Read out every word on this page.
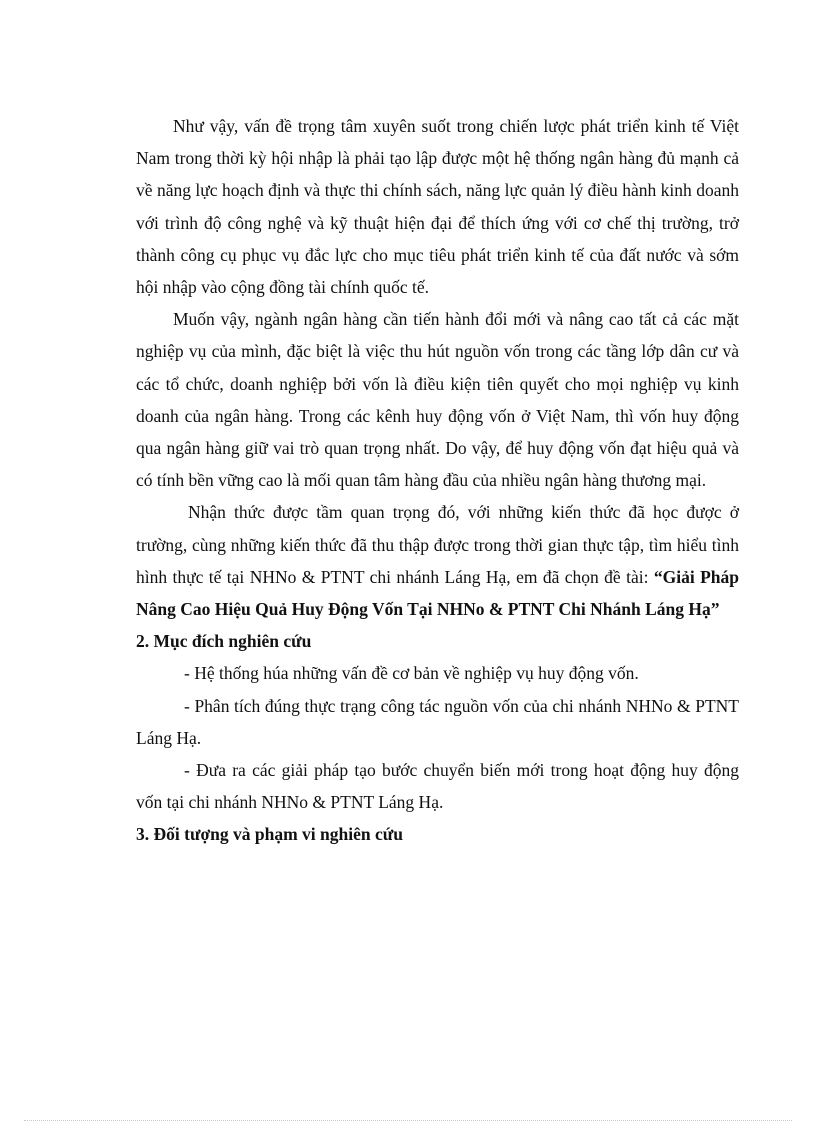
Như vậy, vấn đề trọng tâm xuyên suốt trong chiến lược phát triển kinh tế Việt Nam trong thời kỳ hội nhập là phải tạo lập được một hệ thống ngân hàng đủ mạnh cả về năng lực hoạch định và thực thi chính sách, năng lực quản lý điều hành kinh doanh với trình độ công nghệ và kỹ thuật hiện đại để thích ứng với cơ chế thị trường, trở thành công cụ phục vụ đắc lực cho mục tiêu phát triển kinh tế của đất nước và sớm hội nhập vào cộng đồng tài chính quốc tế.

Muốn vậy, ngành ngân hàng cần tiến hành đổi mới và nâng cao tất cả các mặt nghiệp vụ của mình, đặc biệt là việc thu hút nguồn vốn trong các tầng lớp dân cư và các tổ chức, doanh nghiệp bởi vốn là điều kiện tiên quyết cho mọi nghiệp vụ kinh doanh của ngân hàng. Trong các kênh huy động vốn ở Việt Nam, thì vốn huy động qua ngân hàng giữ vai trò quan trọng nhất. Do vậy, để huy động vốn đạt hiệu quả và có tính bền vững cao là mối quan tâm hàng đầu của nhiều ngân hàng thương mại.

Nhận thức được tầm quan trọng đó, với những kiến thức đã học được ở trường, cùng những kiến thức đã thu thập được trong thời gian thực tập, tìm hiểu tình hình thực tế tại NHNo & PTNT chi nhánh Láng Hạ, em đã chọn đề tài: “Giải Pháp Nâng Cao Hiệu Quả Huy Động Vốn Tại NHNo & PTNT Chi Nhánh Láng Hạ”

2. Mục đích nghiên cứu

- Hệ thống húa những vấn đề cơ bản về nghiệp vụ huy động vốn.

- Phân tích đúng thực trạng công tác nguồn vốn của chi nhánh NHNo & PTNT Láng Hạ.

- Đưa ra các giải pháp tạo bước chuyển biến mới trong hoạt động huy động vốn tại chi nhánh NHNo & PTNT Láng Hạ.

3. Đối tượng và phạm vi nghiên cứu
